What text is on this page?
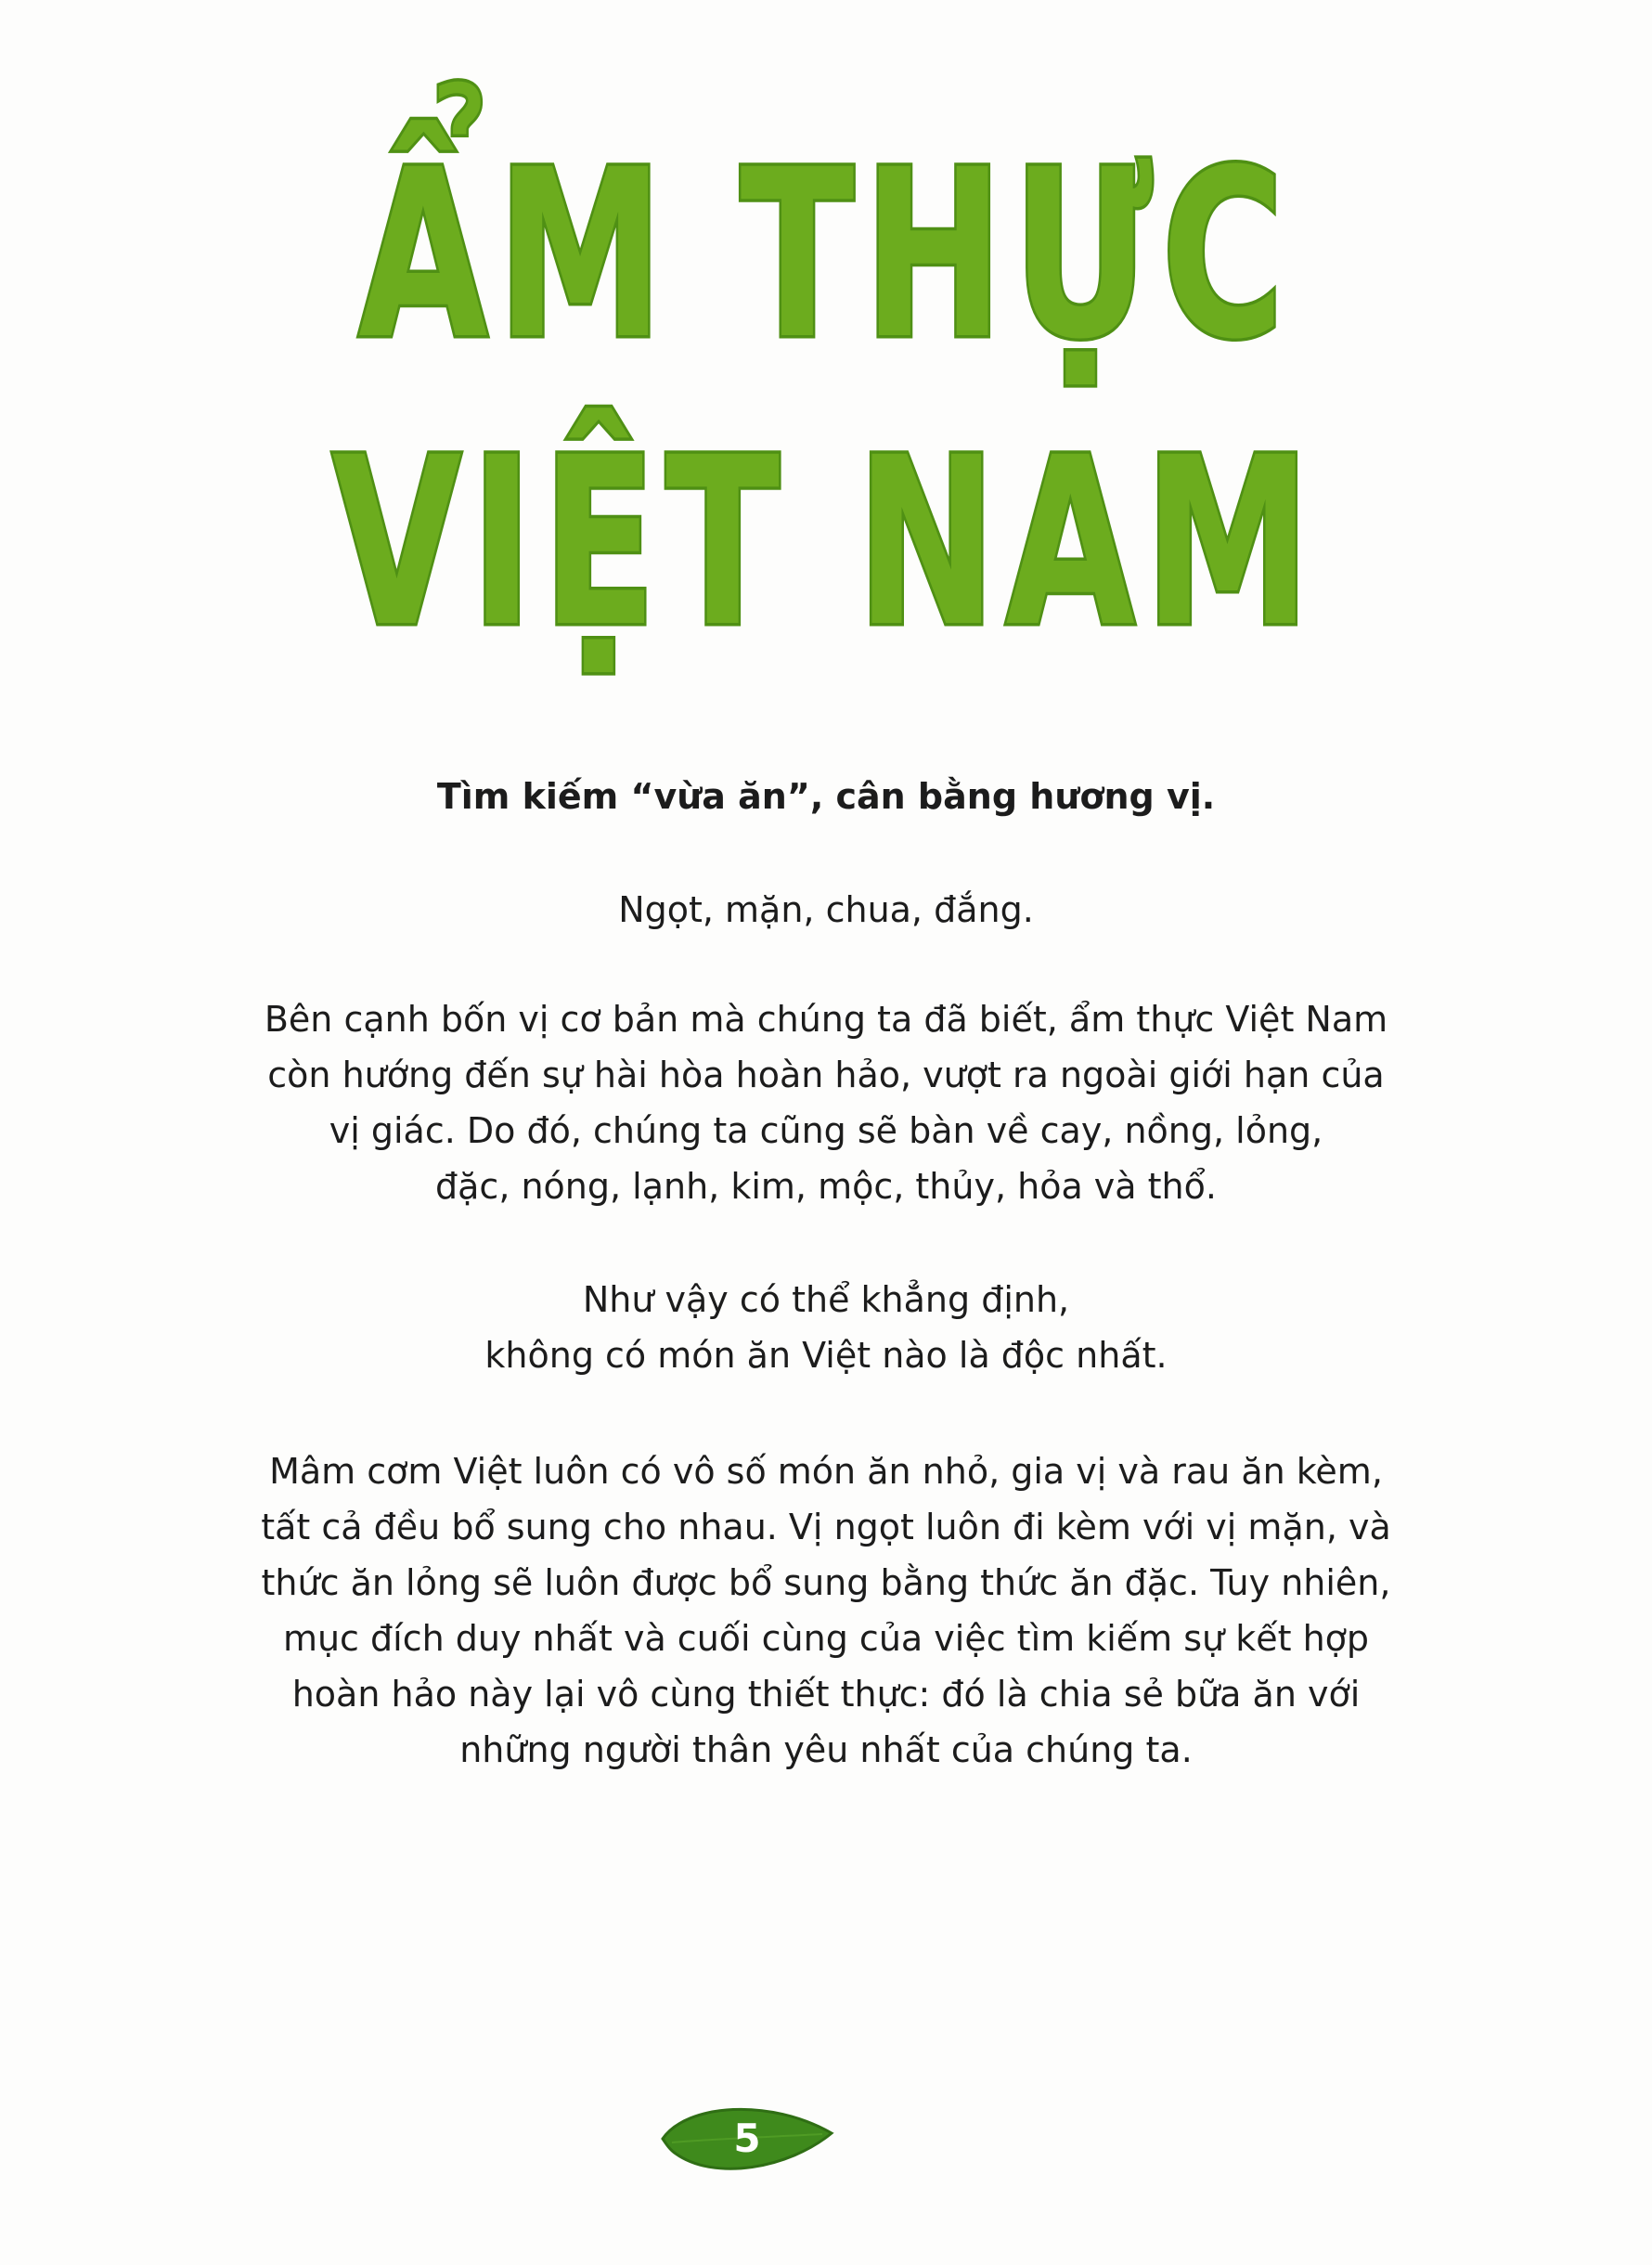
ẨM THỰC
VIỆT NAM
Tìm kiếm “vừa ăn”, cân bằng hương vị.
Ngọt, mặn, chua, đắng.
Bên cạnh bốn vị cơ bản mà chúng ta đã biết, ẩm thực Việt Nam
còn hướng đến sự hài hòa hoàn hảo, vượt ra ngoài giới hạn của
vị giác. Do đó, chúng ta cũng sẽ bàn về cay, nồng, lỏng,
đặc, nóng, lạnh, kim, mộc, thủy, hỏa và thổ.
Như vậy có thể khẳng định,
không có món ăn Việt nào là độc nhất.
Mâm cơm Việt luôn có vô số món ăn nhỏ, gia vị và rau ăn kèm,
tất cả đều bổ sung cho nhau. Vị ngọt luôn đi kèm với vị mặn, và
thức ăn lỏng sẽ luôn được bổ sung bằng thức ăn đặc. Tuy nhiên,
mục đích duy nhất và cuối cùng của việc tìm kiếm sự kết hợp
hoàn hảo này lại vô cùng thiết thực: đó là chia sẻ bữa ăn với
những người thân yêu nhất của chúng ta.
5
